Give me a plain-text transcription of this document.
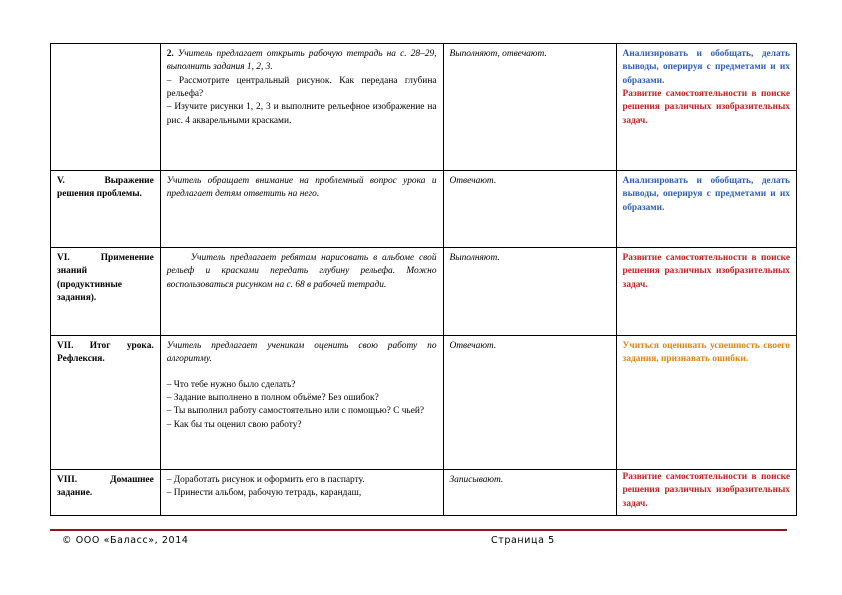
	2. Учитель предлагает открыть рабочую тетрадь на с. 28–29, выполнить задания 1, 2, 3.
– Рассмотрите центральный рисунок. Как передана глубина рельефа?
– Изучите рисунки 1, 2, 3 и выполните рельефное изображение на рис. 4 акварельными красками.	Выполняют, отвечают.	Анализировать и обобщать, делать выводы, оперируя с предметами и их образами.
Развитие самостоятельности в поиске решения различных изобразительных задач.

V. Выражение решения проблемы.	Учитель обращает внимание на проблемный вопрос урока и предлагает детям ответить на него.	Отвечают.	Анализировать и обобщать, делать выводы, оперируя с предметами и их образами.

VI. Применение знаний (продуктивные задания).	Учитель предлагает ребятам нарисовать в альбоме свой рельеф и красками передать глубину рельефа. Можно воспользоваться рисунком на с. 68 в рабочей тетради.	Выполняют.	Развитие самостоятельности в поиске решения различных изобразительных задач.

VII. Итог урока. Рефлексия.	Учитель предлагает ученикам оценить свою работу по алгоритму.
– Что тебе нужно было сделать?
– Задание выполнено в полном объёме? Без ошибок?
– Ты выполнил работу самостоятельно или с помощью? С чьей?
– Как бы ты оценил свою работу?	Отвечают.	Учиться оценивать успешность своего задания, признавать ошибки.

VIII. Домашнее задание.	– Доработать рисунок и оформить его в паспарту.
– Принести альбом, рабочую тетрадь, карандаш,	Записывают.	Развитие самостоятельности в поиске решения различных изобразительных задач.
© ООО «Баласс», 2014	Страница 5
